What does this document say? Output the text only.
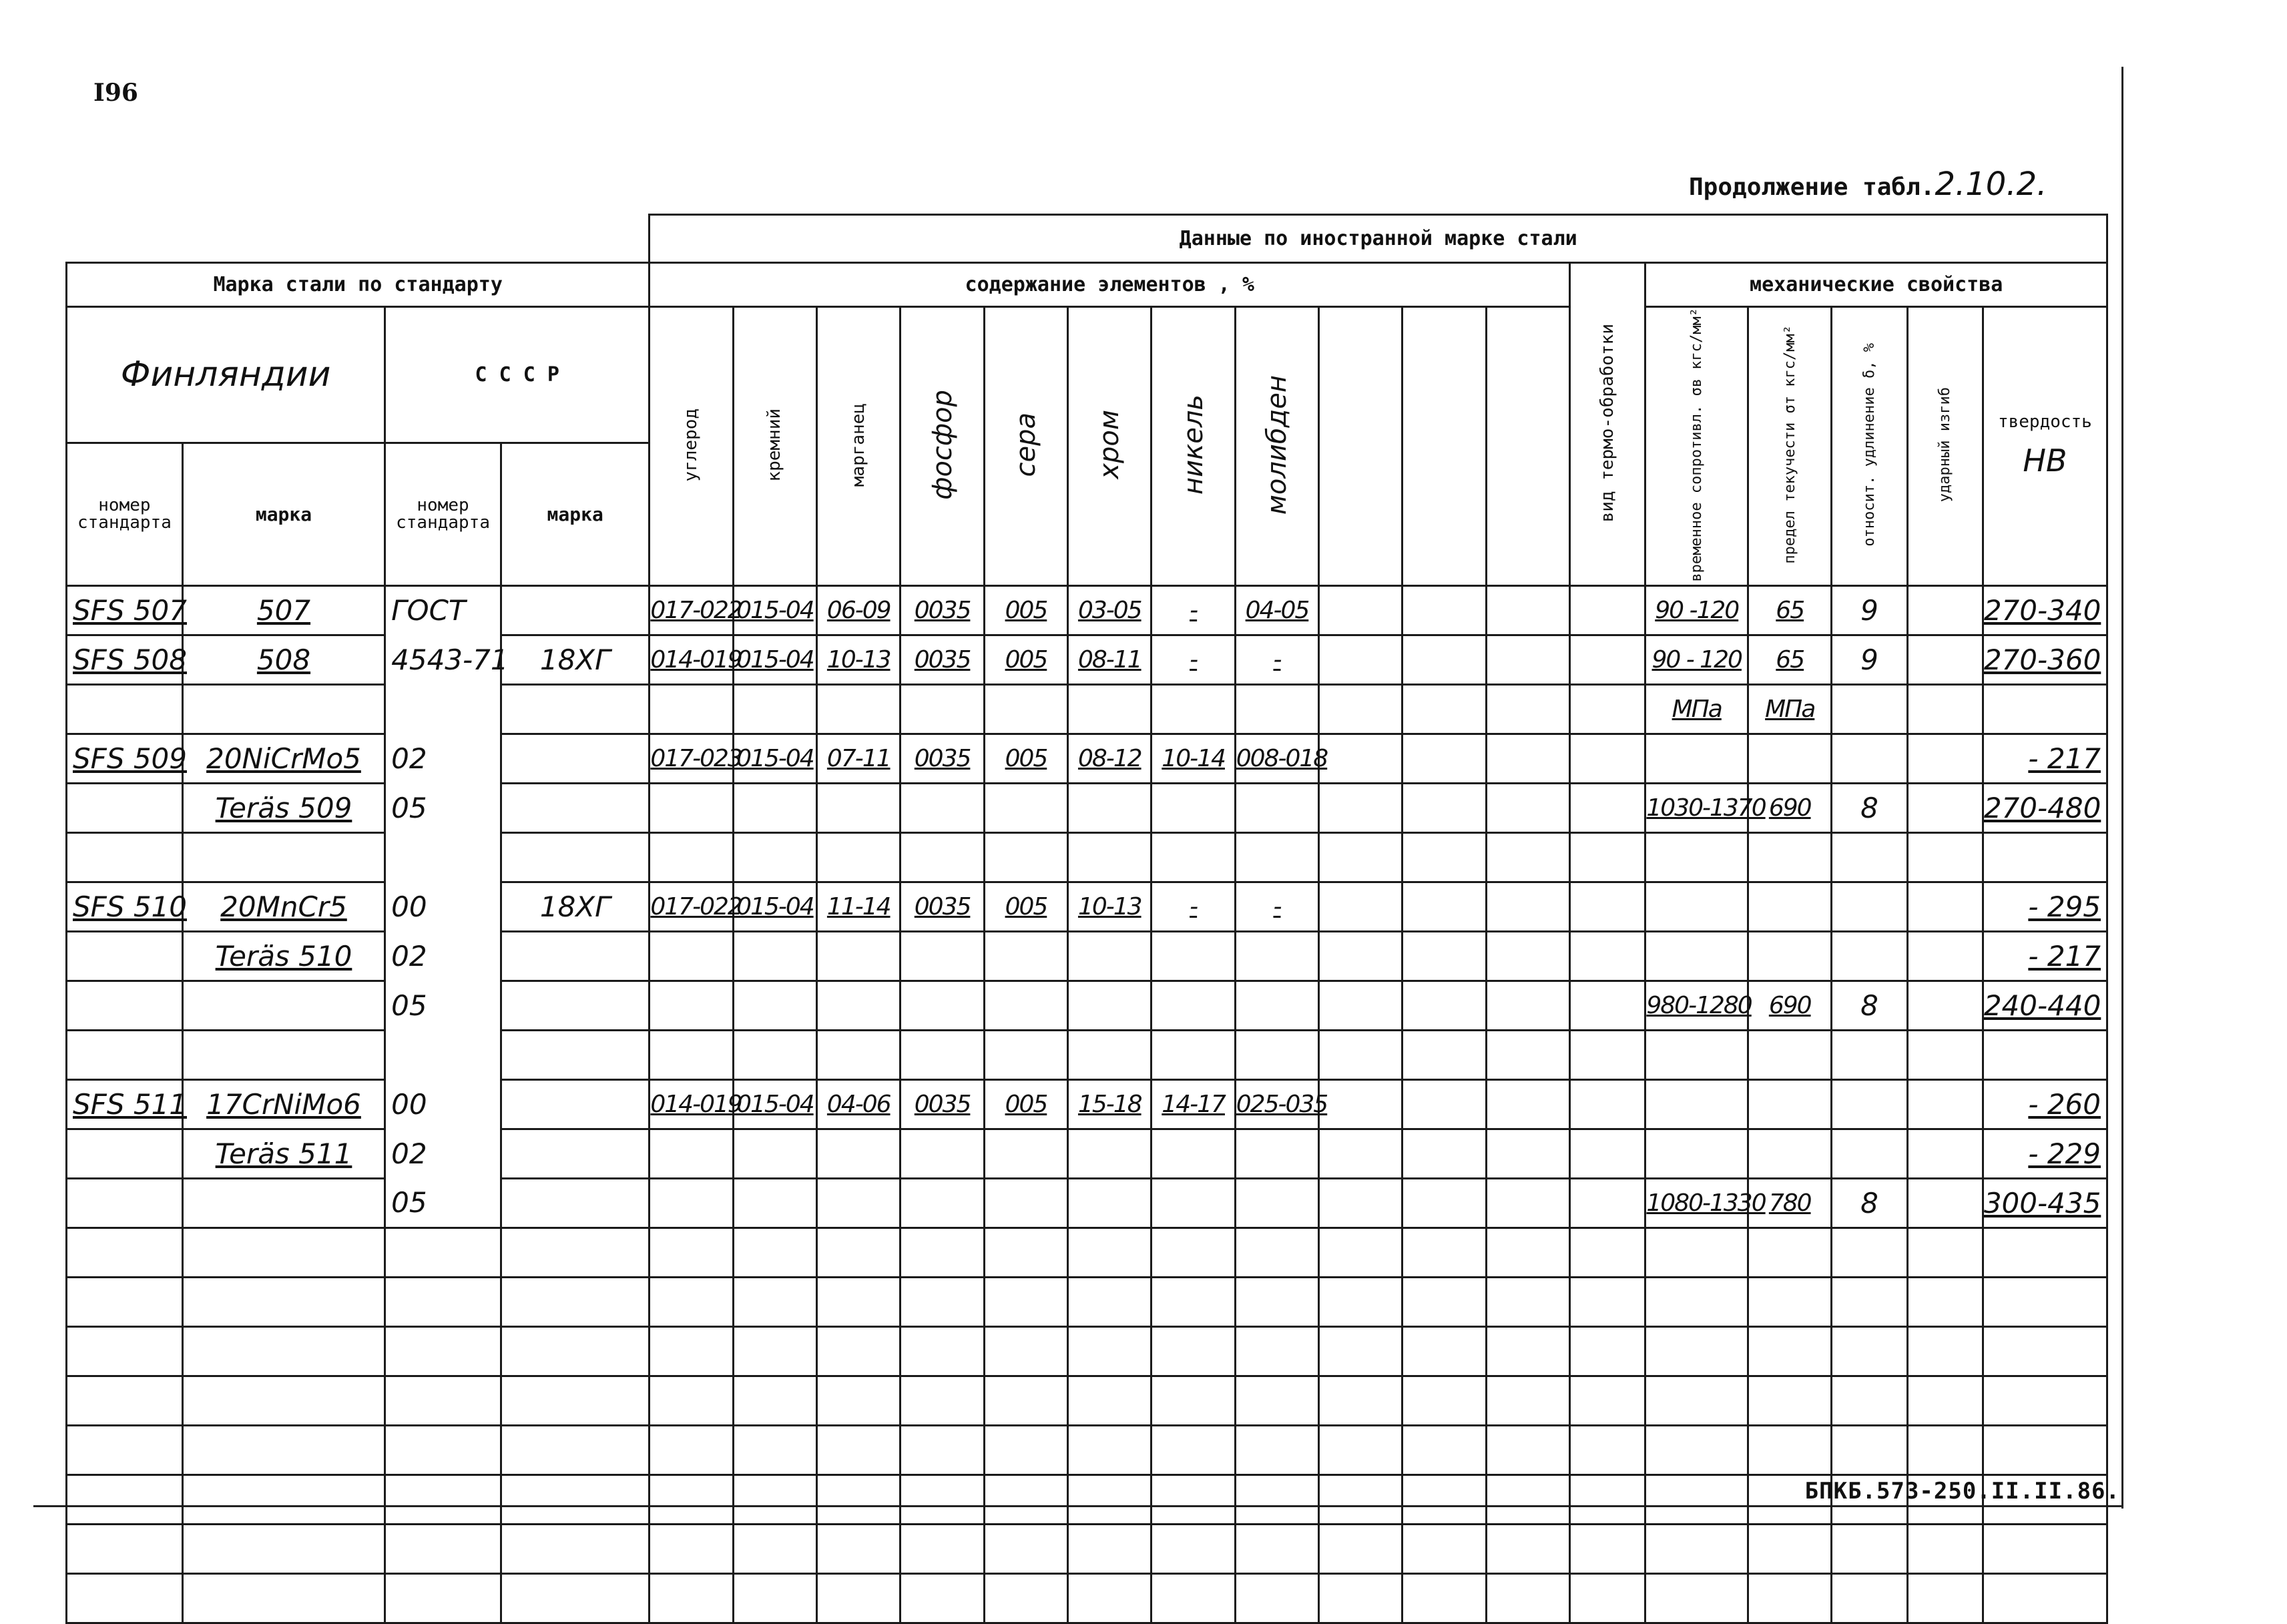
I96
Продолжение табл.2.10.2.
				Данные по иностранной марке стали																
Марка стали по стандарту				содержание элементов , %											вид термо-обработки	механические свойства				
Финляндии		С С С Р		углерод	кремний	марганец	фосфор	сера	хром	никель	молибден					временное сопротивл. σв кгс/мм²	предел текучести σт кгс/мм²	относит. удлинение δ, %	ударный изгиб	твердость
НВ

номер стандарта	марка	номер стандарта	марка																	
SFS 507	507	ГОСТ		017-022	015-04	06-09	0035	005	03-05	-	04-05					90 -120	65	9		270-340
SFS 508	508	4543-71	18ХГ	014-019	015-04	10-13	0035	005	08-11	-	-					90 - 120	65	9		270-360
																МПа	МПа			
SFS 509	20NiCrMo5	02		017-023	015-04	07-11	0035	005	08-12	10-14	008-018									- 217
	Teräs 509	05														1030-1370	690	8		270-480

SFS 510	20MnCr5	00	18ХГ	017-022	015-04	11-14	0035	005	10-13	-	-									- 295
	Teräs 510	02																		- 217
		05														980-1280	690	8		240-440

SFS 511	17CrNiMo6	00		014-019	015-04	04-06	0035	005	15-18	14-17	025-035									- 260
	Teräs 511	02																		- 229
		05														1080-1330	780	8		300-435

БПКБ.573-250.II.II.86.
